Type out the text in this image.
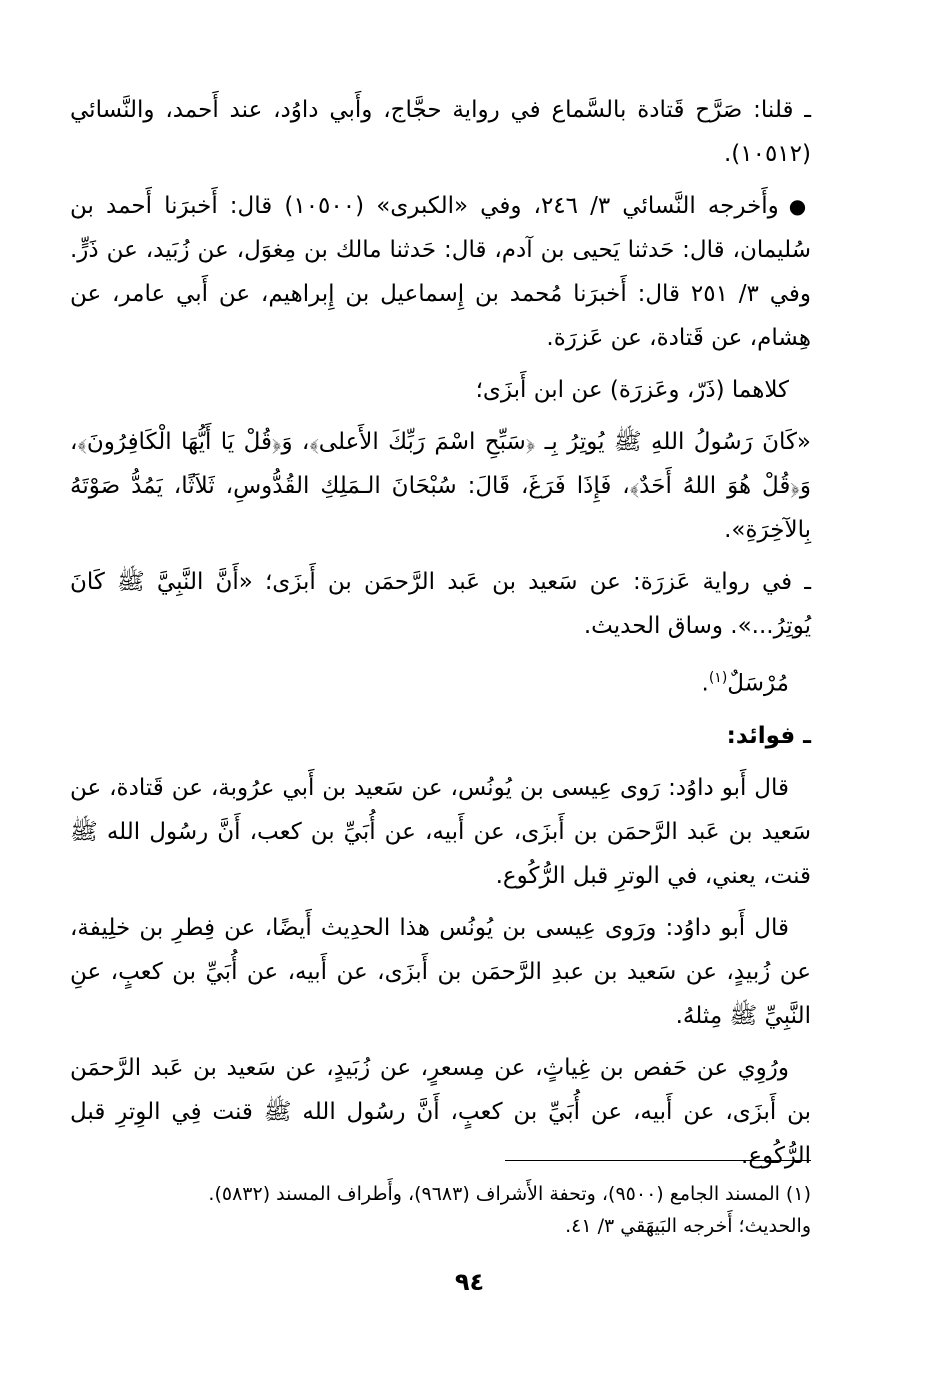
ـ قلنا: صَرَّح قَتادة بالسَّماع في رواية حجَّاج، وأَبي داوُد، عند أَحمد، والنَّسائي (١٠٥١٢).

●وأَخرجه النَّسائي ٣/ ٢٤٦، وفي «الكبرى» (١٠٥٠٠) قال: أَخبرَنا أَحمد بن سُليمان، قال: حَدثنا يَحيى بن آدم، قال: حَدثنا مالك بن مِغوَل، عن زُبَيد، عن ذَرٍّ. وفي ٣/ ٢٥١ قال: أَخبرَنا مُحمد بن إِسماعيل بن إِبراهيم، عن أَبي عامر، عن هِشام، عن قَتادة، عن عَزرَة.

كلاهما (ذَرّ، وعَزرَة) عن ابن أَبزَى؛

«كَانَ رَسُولُ اللهِ ﷺ يُوتِرُ بِـ ﴿سَبِّحِ اسْمَ رَبِّكَ الأَعلى﴾، وَ﴿قُلْ يَا أَيُّهَا الْكَافِرُونَ﴾، وَ﴿قُلْ هُوَ اللهُ أَحَدٌ﴾، فَإِذَا فَرَغَ، قَالَ: سُبْحَانَ الـمَلِكِ القُدُّوسِ، ثَلاَثًا، يَمُدُّ صَوْتَهُ بِالآخِرَةِ».

ـ في رواية عَزرَة: عن سَعيد بن عَبد الرَّحمَن بن أَبزَى؛ «أَنَّ النَّبِيَّ ﷺ كَانَ يُوتِرُ...». وساق الحديث.

مُرْسَلٌ$^{(١)}$.

ـ فوائد:

قال أَبو داوُد: رَوى عِيسى بن يُونُس، عن سَعيد بن أَبي عرُوبة، عن قَتادة، عن سَعيد بن عَبد الرَّحمَن بن أَبزَى، عن أَبيه، عن أُبَيِّ بن كعب، أَنَّ رسُول الله ﷺ قنت، يعني، في الوترِ قبل الرُّكُوع.

قال أَبو داوُد: ورَوى عِيسى بن يُونُس هذا الحدِيث أَيضًا، عن فِطرِ بن خلِيفة، عن زُبيدٍ، عن سَعيد بن عبدِ الرَّحمَن بن أَبزَى، عن أَبيه، عن أُبَيِّ بن كعبٍ، عنِ النَّبِيِّ ﷺ مِثلهُ.

ورُوِي عن حَفص بن غِياثٍ، عن مِسعرٍ، عن زُبَيدٍ، عن سَعيد بن عَبد الرَّحمَن بن أَبزَى، عن أَبيه، عن أُبَيِّ بن كعبٍ، أَنَّ رسُول الله ﷺ قنت فِي الوِترِ قبل الرُّكُوع.

(١) المسند الجامع (٩٥٠٠)، وتحفة الأَشراف (٩٦٨٣)، وأَطراف المسند (٥٨٣٢).

والحديث؛ أَخرجه البَيهَقي ٣/ ٤١.

٩٤
